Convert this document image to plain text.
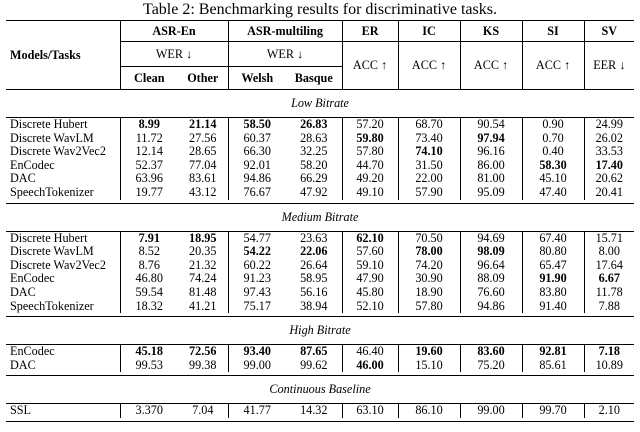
Table 2: Benchmarking results for discriminative tasks.
Models/Tasks	ASR-En		ASR-multiling		ER	IC	KS	SI	SV
	WER ↓		WER ↓		ACC ↑	ACC ↑	ACC ↑	ACC ↑	EER ↓
	Clean	Other	Welsh	Basque					
Low Bitrate									
Discrete Hubert	8.99	21.14	58.50	26.83	57.20	68.70	90.54	0.90	24.99
Discrete WavLM	11.72	27.56	60.37	28.63	59.80	73.40	97.94	0.70	26.02
Discrete Wav2Vec2	12.14	28.65	66.30	32.25	57.80	74.10	96.16	0.40	33.53
EnCodec	52.37	77.04	92.01	58.20	44.70	31.50	86.00	58.30	17.40
DAC	63.96	83.61	94.86	66.29	49.20	22.00	81.00	45.10	20.62
SpeechTokenizer	19.77	43.12	76.67	47.92	49.10	57.90	95.09	47.40	20.41

Medium Bitrate									
Discrete Hubert	7.91	18.95	54.77	23.63	62.10	70.50	94.69	67.40	15.71
Discrete WavLM	8.52	20.35	54.22	22.06	57.60	78.00	98.09	80.80	8.00
Discrete Wav2Vec2	8.76	21.32	60.22	26.64	59.10	74.20	96.64	65.47	17.64
EnCodec	46.80	74.24	91.23	58.95	47.90	30.90	88.09	91.90	6.67
DAC	59.54	81.48	97.43	56.16	45.80	18.90	76.60	83.80	11.78
SpeechTokenizer	18.32	41.21	75.17	38.94	52.10	57.80	94.86	91.40	7.88

High Bitrate									
EnCodec	45.18	72.56	93.40	87.65	46.40	19.60	83.60	92.81	7.18
DAC	99.53	99.38	99.00	99.62	46.00	15.10	75.20	85.61	10.89

Continuous Baseline									
SSL	3.370	7.04	41.77	14.32	63.10	86.10	99.00	99.70	2.10
